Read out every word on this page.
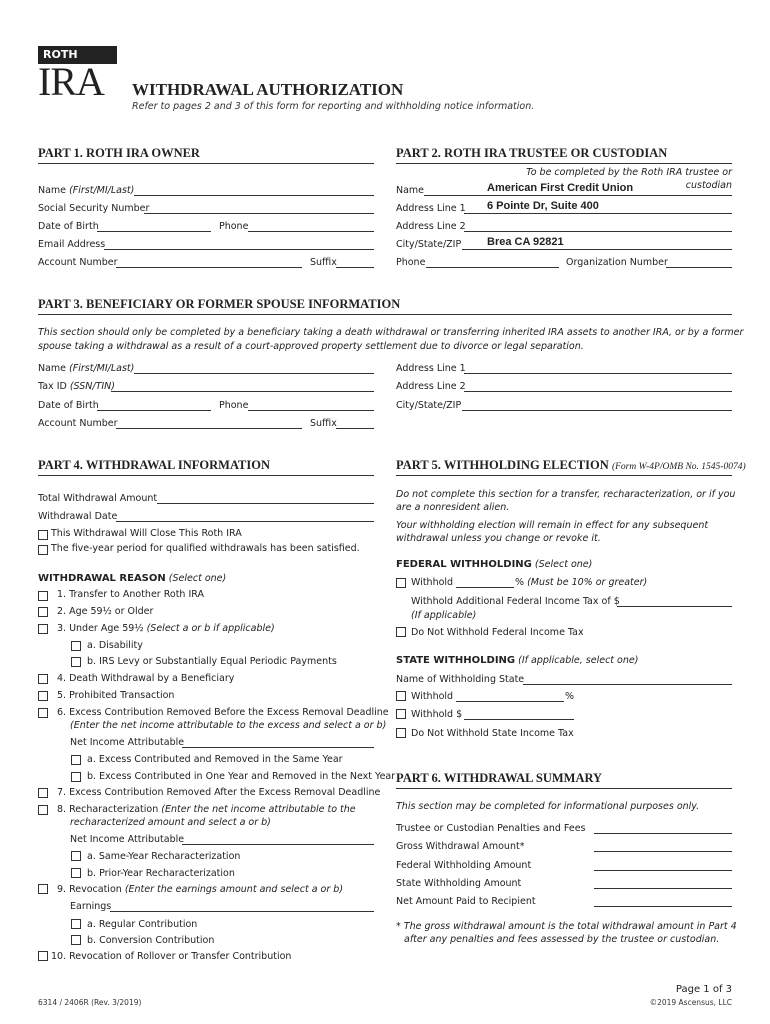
ROTH
IRA WITHDRAWAL AUTHORIZATION
Refer to pages 2 and 3 of this form for reporting and withholding notice information.
PART 1. ROTH IRA OWNER
Name (First/MI/Last)
Social Security Number
Date of Birth	Phone
Email Address
Account Number	Suffix
PART 2. ROTH IRA TRUSTEE OR CUSTODIAN
To be completed by the Roth IRA trustee or custodian
Name	American First Credit Union
Address Line 1 6 Pointe Dr, Suite 400
Address Line 2
City/State/ZIP Brea CA 92821
Phone	Organization Number
PART 3. BENEFICIARY OR FORMER SPOUSE INFORMATION
This section should only be completed by a beneficiary taking a death withdrawal or transferring inherited IRA assets to another IRA, or by a former
spouse taking a withdrawal as a result of a court-approved property settlement due to divorce or legal separation.
Name (First/MI/Last)
Tax ID (SSN/TIN)
Date of Birth	Phone
Account Number	Suffix
Address Line 1
Address Line 2
City/State/ZIP
PART 4. WITHDRAWAL INFORMATION
Total Withdrawal Amount
Withdrawal Date
This Withdrawal Will Close This Roth IRA
The five-year period for qualified withdrawals has been satisfied.
WITHDRAWAL REASON (Select one)
1. Transfer to Another Roth IRA
2. Age 59½ or Older
3. Under Age 59½ (Select a or b if applicable)
a. Disability
b. IRS Levy or Substantially Equal Periodic Payments
4. Death Withdrawal by a Beneficiary
5. Prohibited Transaction
6. Excess Contribution Removed Before the Excess Removal Deadline
(Enter the net income attributable to the excess and select a or b)
Net Income Attributable
a. Excess Contributed and Removed in the Same Year
b. Excess Contributed in One Year and Removed in the Next Year
7. Excess Contribution Removed After the Excess Removal Deadline
8. Recharacterization (Enter the net income attributable to the
recharacterized amount and select a or b)
Net Income Attributable
a. Same-Year Recharacterization
b. Prior-Year Recharacterization
9. Revocation (Enter the earnings amount and select a or b)
Earnings
a. Regular Contribution
b. Conversion Contribution
10. Revocation of Rollover or Transfer Contribution
PART 5. WITHHOLDING ELECTION (Form W-4P/OMB No. 1545-0074)
Do not complete this section for a transfer, recharacterization, or if you
are a nonresident alien.
Your withholding election will remain in effect for any subsequent
withdrawal unless you change or revoke it.
FEDERAL WITHHOLDING (Select one)
Withhold	% (Must be 10% or greater)
Withhold Additional Federal Income Tax of $
(If applicable)
Do Not Withhold Federal Income Tax
STATE WITHHOLDING (If applicable, select one)
Name of Withholding State
Withhold	%
Withhold $
Do Not Withhold State Income Tax
PART 6. WITHDRAWAL SUMMARY
This section may be completed for informational purposes only.
Trustee or Custodian Penalties and Fees
Gross Withdrawal Amount*
Federal Withholding Amount
State Withholding Amount
Net Amount Paid to Recipient
* The gross withdrawal amount is the total withdrawal amount in Part 4
after any penalties and fees assessed by the trustee or custodian.
Page 1 of 3
6314 / 2406R (Rev. 3/2019)	©2019 Ascensus, LLC
